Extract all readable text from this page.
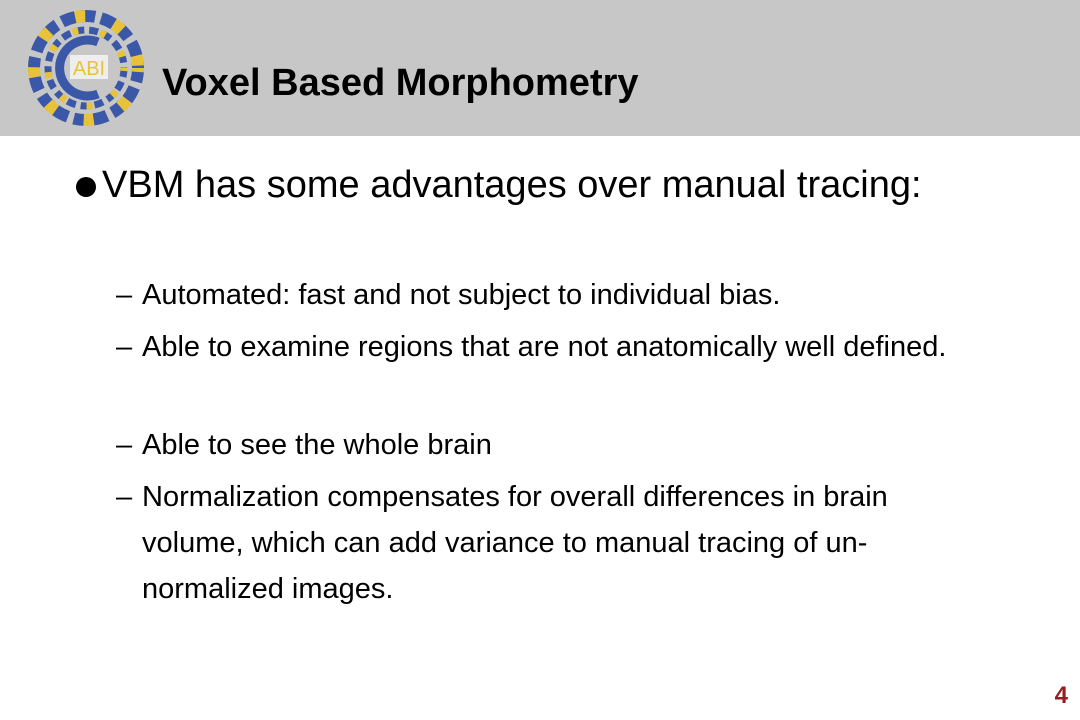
ABI Voxel Based Morphometry
VBM has some advantages over manual tracing:
– Automated: fast and not subject to individual bias.
– Able to examine regions that are not anatomically well defined.
– Able to see the whole brain
– Normalization compensates for overall differences in brain volume, which can add variance to manual tracing of un-normalized images.
4
